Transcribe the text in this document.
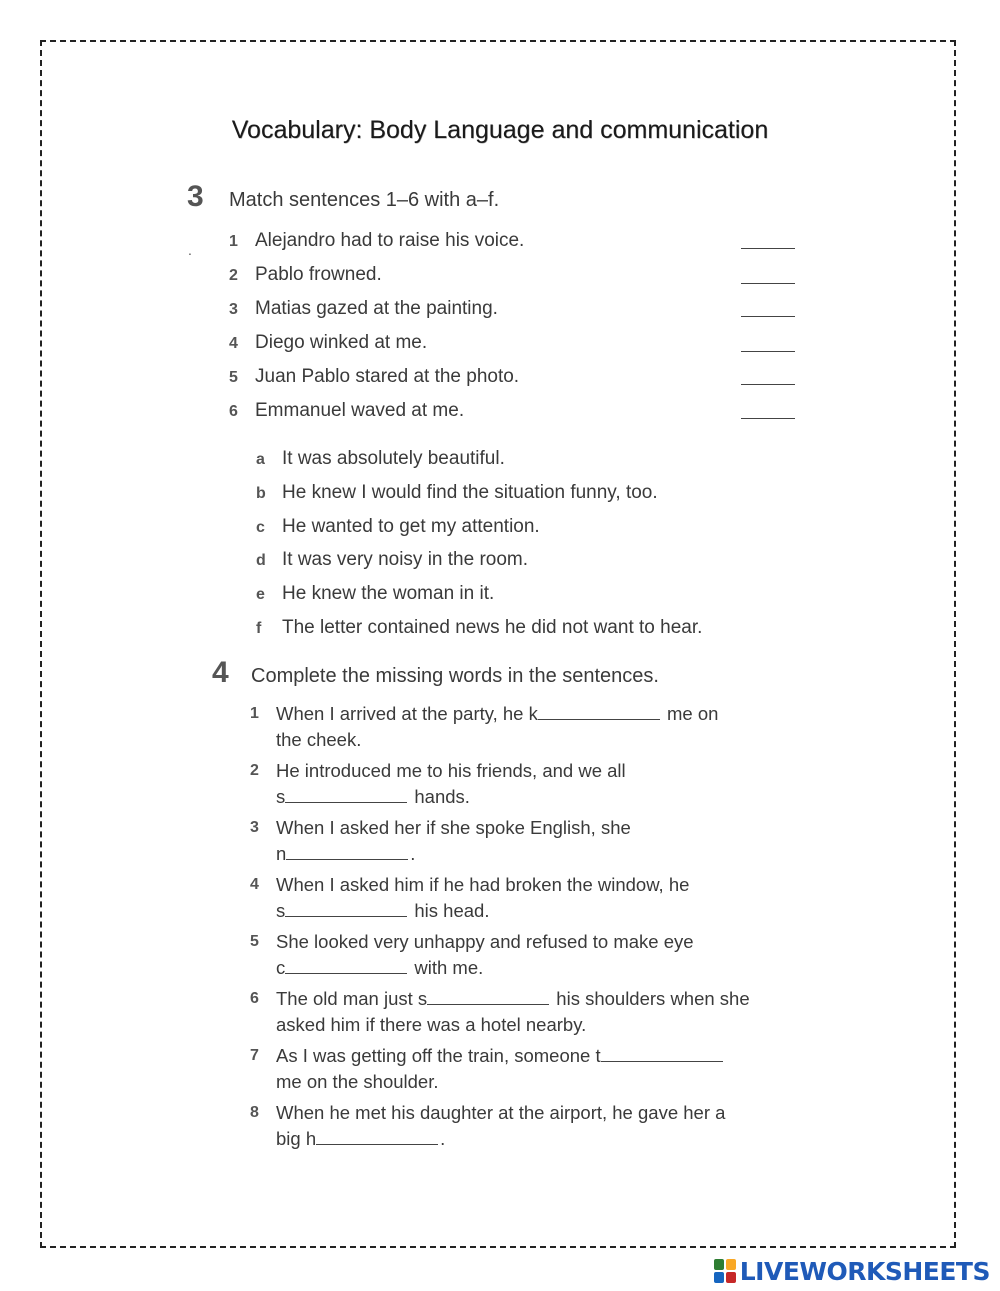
Vocabulary: Body Language and communication
3 Match sentences 1–6 with a–f.
. 1 Alejandro had to raise his voice.
2 Pablo frowned.
3 Matias gazed at the painting.
4 Diego winked at me.
5 Juan Pablo stared at the photo.
6 Emmanuel waved at me.
a It was absolutely beautiful.
b He knew I would find the situation funny, too.
c He wanted to get my attention.
d It was very noisy in the room.
e He knew the woman in it.
f The letter contained news he did not want to hear.
4 Complete the missing words in the sentences.
1 When I arrived at the party, he k	me on
the cheek.
2 He introduced me to his friends, and we all
s	hands.
3 When I asked her if she spoke English, she
n	.
4 When I asked him if he had broken the window, he
s	his head.
5 She looked very unhappy and refused to make eye
c	with me.
6 The old man just s	his shoulders when she
asked him if there was a hotel nearby.
7 As I was getting off the train, someone t
me on the shoulder.
8 When he met his daughter at the airport, he gave her a
big h	.
LIVEWORKSHEETS
